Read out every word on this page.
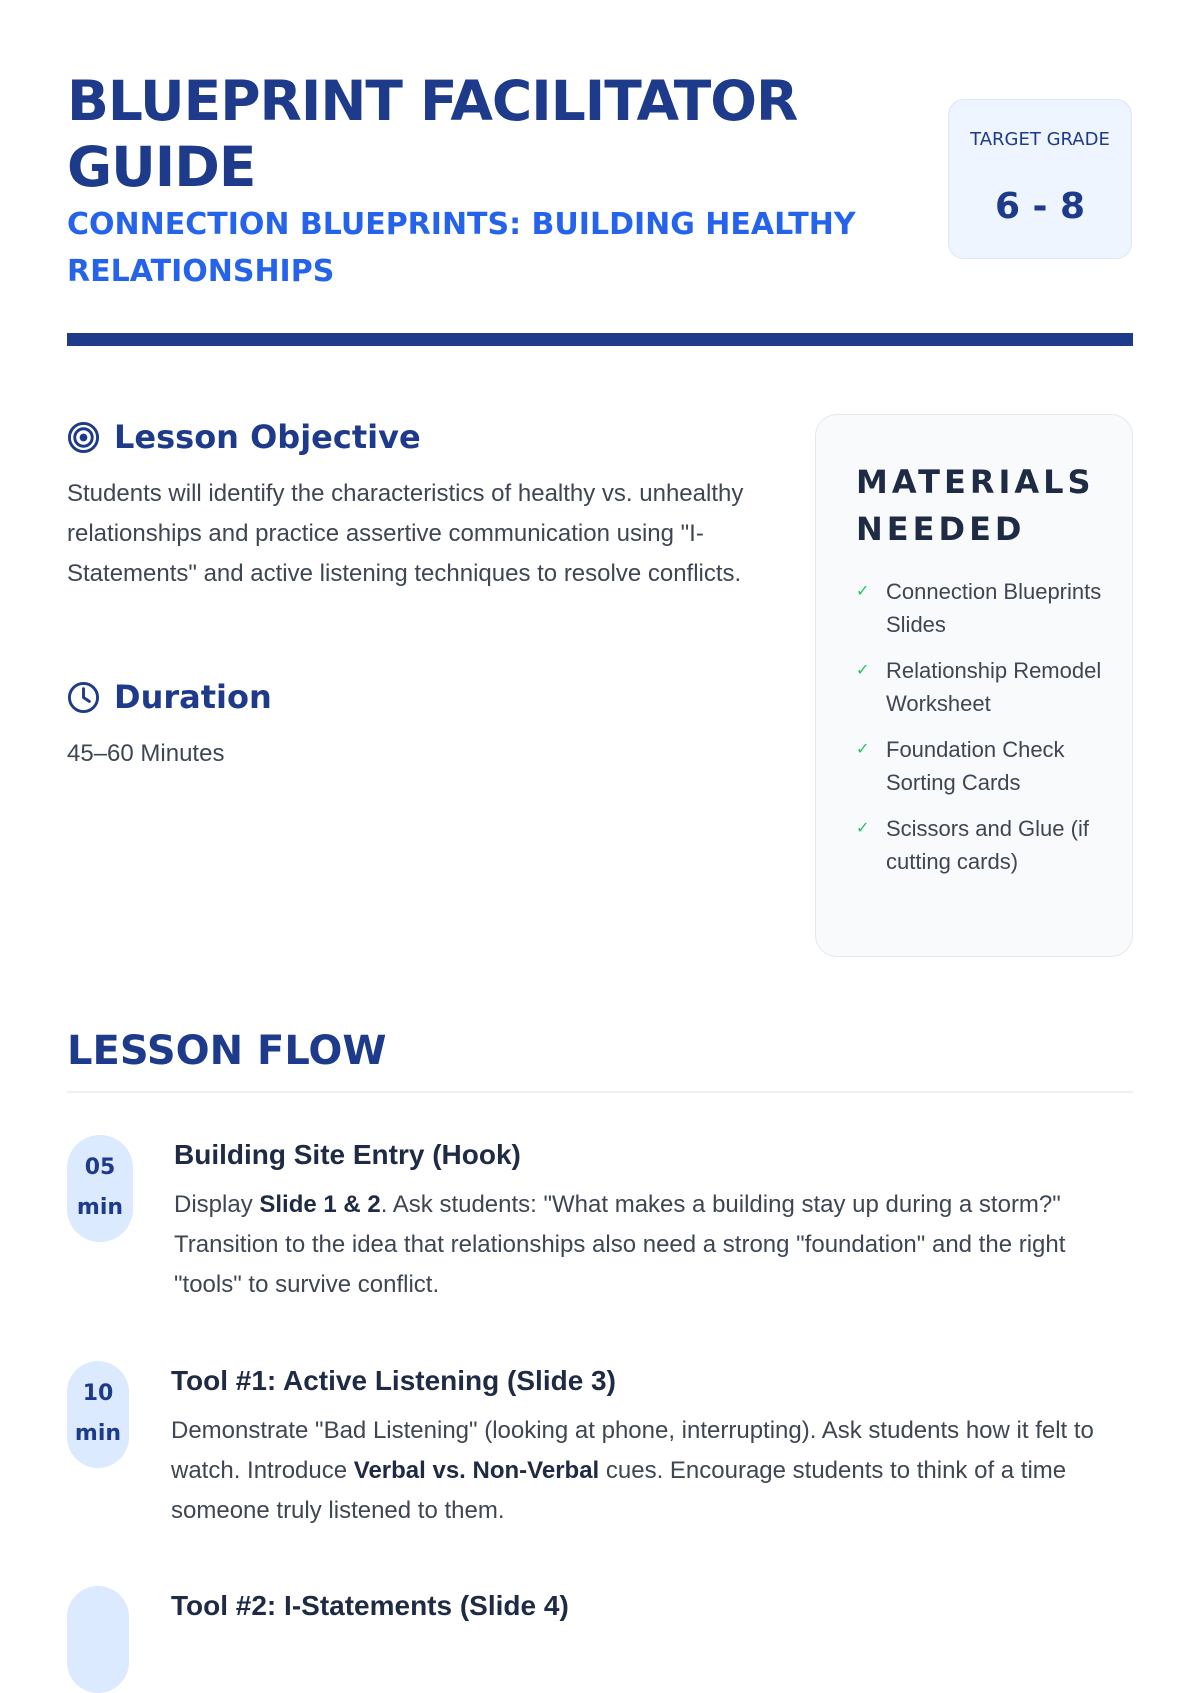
BLUEPRINT FACILITATOR GUIDE
CONNECTION BLUEPRINTS: BUILDING HEALTHY RELATIONSHIPS
TARGET GRADE
6 - 8
Lesson Objective
Students will identify the characteristics of healthy vs. unhealthy relationships and practice assertive communication using "I-Statements" and active listening techniques to resolve conflicts.
Duration
45–60 Minutes
MATERIALS NEEDED
✓ Connection Blueprints Slides
✓ Relationship Remodel Worksheet
✓ Foundation Check Sorting Cards
✓ Scissors and Glue (if cutting cards)
LESSON FLOW
05
min
Building Site Entry (Hook)
Display Slide 1 & 2. Ask students: "What makes a building stay up during a storm?" Transition to the idea that relationships also need a strong "foundation" and the right "tools" to survive conflict.
10
min
Tool #1: Active Listening (Slide 3)
Demonstrate "Bad Listening" (looking at phone, interrupting). Ask students how it felt to watch. Introduce Verbal vs. Non-Verbal cues. Encourage students to think of a time someone truly listened to them.
Tool #2: I-Statements (Slide 4)
